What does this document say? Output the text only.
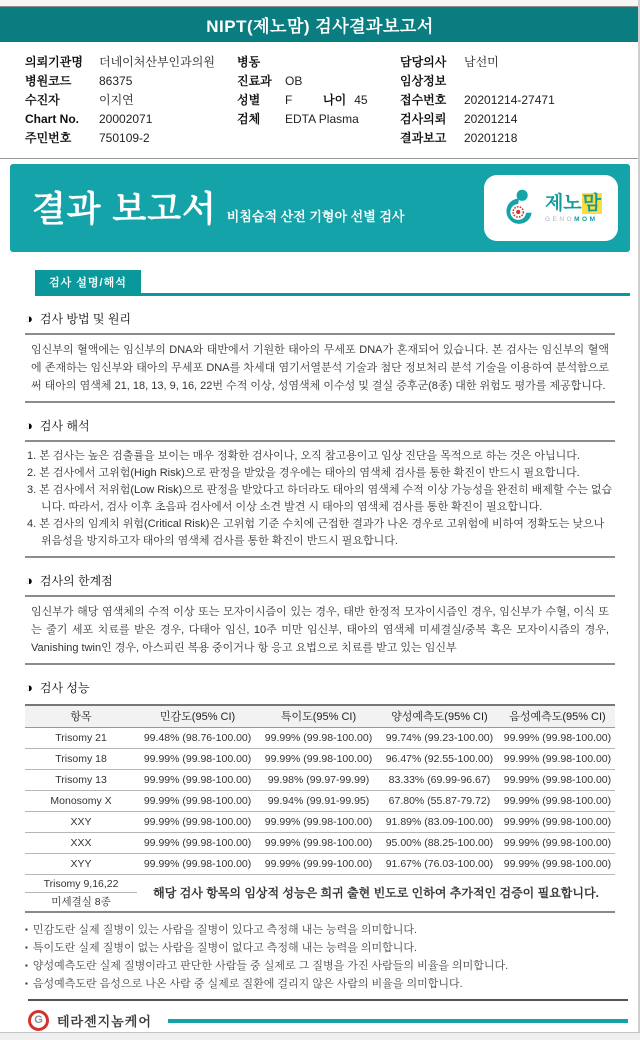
NIPT(제노맘) 검사결과보고서
의뢰기관명 더네이처산부인과의원
병원코드 86375
수진자	이지연
Chart No. 20002071
주민번호 750109-2
병동
진료과 OB
성별 F	나이 45
검체 EDTA Plasma
담당의사 남선미
임상정보
접수번호 20201214-27471
검사의뢰 20201214
결과보고 20201218
결과 보고서 비침습적 산전 기형아 선별 검사
제노맘
GENOMOM
검사 설명/해석
◑ 검사 방법 및 원리
임신부의 혈액에는 임신부의 DNA와 태반에서 기원한 태아의 무세포 DNA가 혼재되어 있습니다. 본 검사는 임신부의 혈액에 존재하는 임신부와 태아의 무세포 DNA를 차세대 염기서열분석 기술과 첨단 정보처리 분석 기술을 이용하여 분석함으로써 태아의 염색체 21, 18, 13, 9, 16, 22번 수적 이상, 성염색체 이수성 및 결실 증후군(8종) 대한 위험도 평가를 제공합니다.
◑ 검사 해석
1. 본 검사는 높은 검출률을 보이는 매우 정확한 검사이나, 오직 참고용이고 임상 진단을 목적으로 하는 것은 아닙니다.
2. 본 검사에서 고위험(High Risk)으로 판정을 받았을 경우에는 태아의 염색체 검사를 통한 확진이 반드시 필요합니다.
3. 본 검사에서 저위험(Low Risk)으로 판정을 받았다고 하더라도 태아의 염색체 수적 이상 가능성을 완전히 배제할 수는 없습니다. 따라서, 검사 이후 초음파 검사에서 이상 소견 발견 시 태아의 염색체 검사를 통한 확진이 필요합니다.
4. 본 검사의 임계치 위험(Critical Risk)은 고위험 기준 수치에 근접한 결과가 나온 경우로 고위험에 비하여 정확도는 낮으나 위음성을 방지하고자 태아의 염색체 검사를 통한 확진이 반드시 필요합니다.
◑ 검사의 한계점
임신부가 해당 염색체의 수적 이상 또는 모자이시즘이 있는 경우, 태반 한정적 모자이시즘인 경우, 임신부가 수혈, 이식 또는 줄기 세포 치료를 받은 경우, 다태아 임신, 10주 미만 임신부, 태아의 염색체 미세결실/중복 혹은 모자이시즘의 경우, Vanishing twin인 경우, 아스피린 복용 중이거나 항 응고 요법으로 치료를 받고 있는 임신부
◑ 검사 성능
항목	민감도(95% CI)	특이도(95% CI)	양성예측도(95% CI)	음성예측도(95% CI)
Trisomy 21	99.48% (98.76-100.00)	99.99% (99.98-100.00)	99.74% (99.23-100.00)	99.99% (99.98-100.00)
Trisomy 18	99.99% (99.98-100.00)	99.99% (99.98-100.00)	96.47% (92.55-100.00)	99.99% (99.98-100.00)
Trisomy 13	99.99% (99.98-100.00)	99.98% (99.97-99.99)	83.33% (69.99-96.67)	99.99% (99.98-100.00)
Monosomy X	99.99% (99.98-100.00)	99.94% (99.91-99.95)	67.80% (55.87-79.72)	99.99% (99.98-100.00)
XXY	99.99% (99.98-100.00)	99.99% (99.98-100.00)	91.89% (83.09-100.00)	99.99% (99.98-100.00)
XXX	99.99% (99.98-100.00)	99.99% (99.98-100.00)	95.00% (88.25-100.00)	99.99% (99.98-100.00)
XYY	99.99% (99.98-100.00)	99.99% (99.99-100.00)	91.67% (76.03-100.00)	99.99% (99.98-100.00)

Trisomy 9,16,22
미세결실 8종	해당 검사 항목의 임상적 성능은 희귀 출현 빈도로 인하여 추가적인 검증이 필요합니다.			
▪ 민감도란 실제 질병이 있는 사람을 질병이 있다고 측정해 내는 능력을 의미합니다.
▪ 특이도란 실제 질병이 없는 사람을 질병이 없다고 측정해 내는 능력을 의미합니다.
▪ 양성예측도란 실제 질병이라고 판단한 사람들 중 실제로 그 질병을 가진 사람들의 비율을 의미합니다.
▪ 음성예측도란 음성으로 나온 사람 중 실제로 질환에 걸리지 않은 사람의 비율을 의미합니다.
G	테라젠지놈케어
